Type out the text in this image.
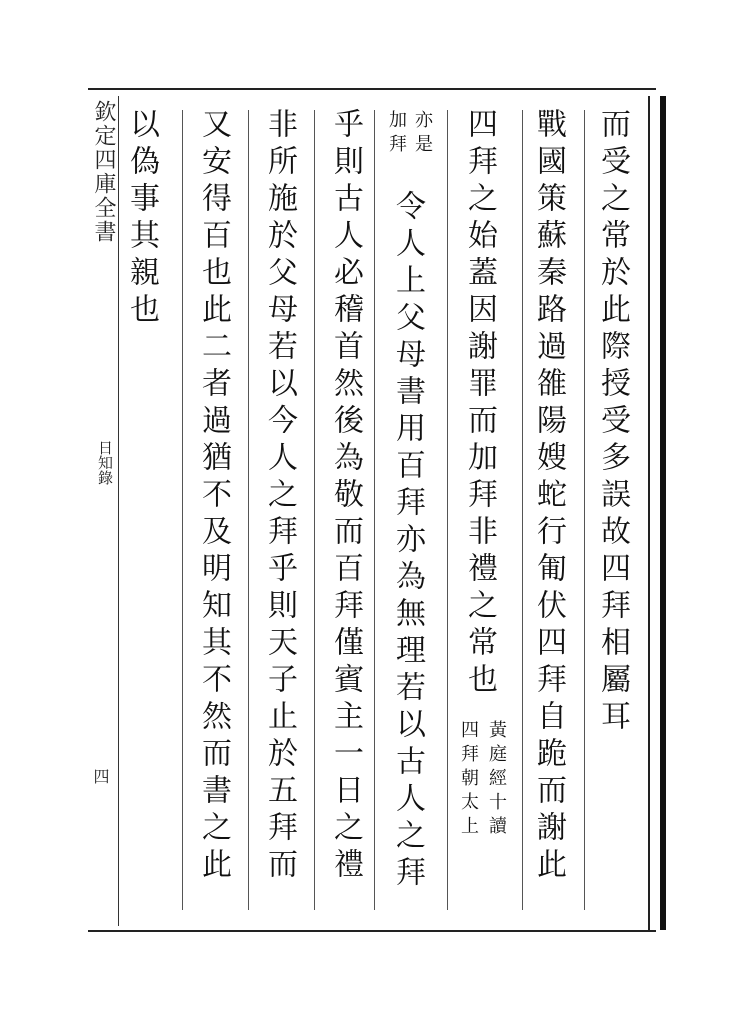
欽定四庫全書
日知錄
四
而受之常於此際授受多誤故四拜相屬耳
戰國策蘇秦路過雒陽嫂蛇行匍伏四拜自跪而謝此
四拜之始蓋因謝罪而加拜非禮之常也
黃庭經十讀
四拜朝太上
亦是
加拜
令人上父母書用百拜亦為無理若以古人之拜
乎則古人必稽首然後為敬而百拜僅賓主一日之禮
非所施於父母若以今人之拜乎則天子止於五拜而
又安得百也此二者過猶不及明知其不然而書之此
以偽事其親也
